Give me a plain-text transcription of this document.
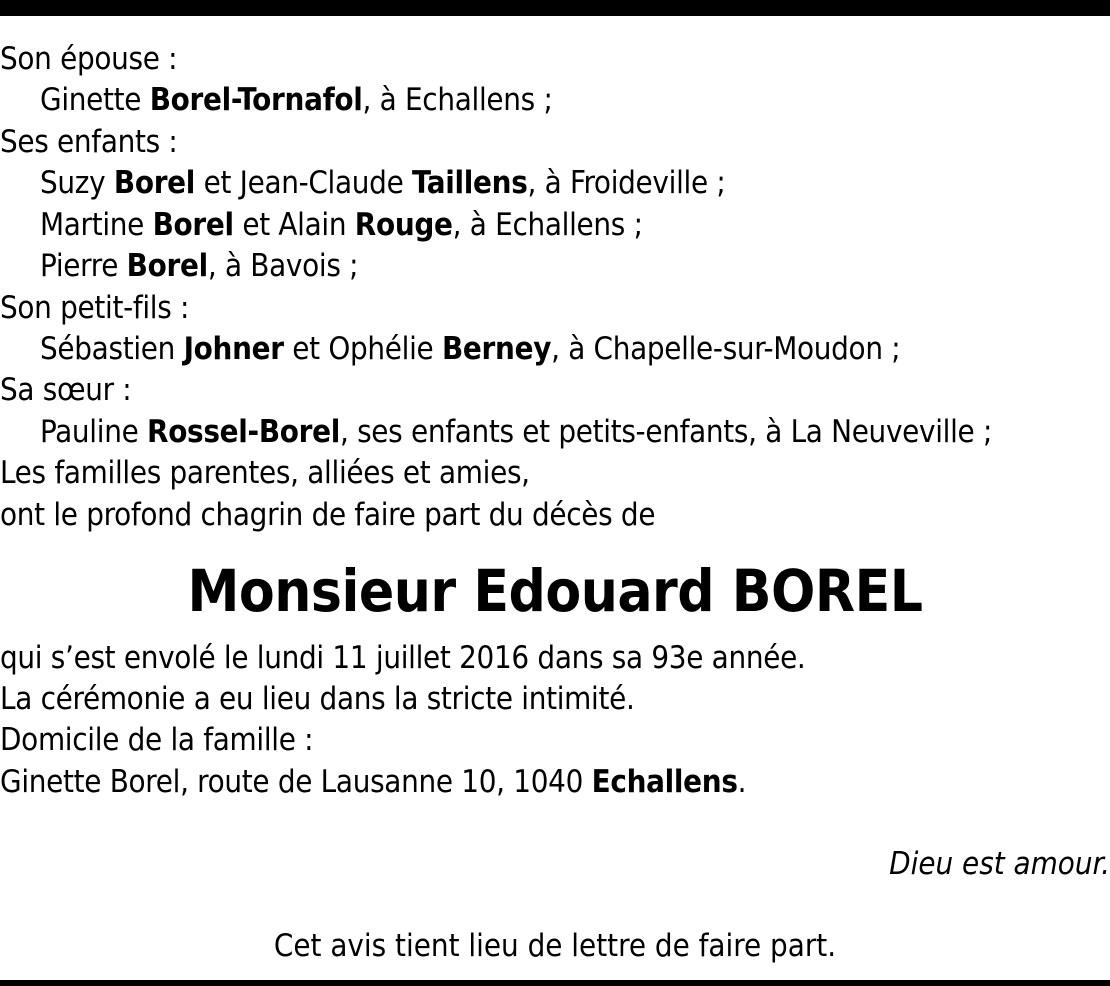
Son épouse :
Ginette Borel-Tornafol, à Echallens ;
Ses enfants :
Suzy Borel et Jean-Claude Taillens, à Froideville ;
Martine Borel et Alain Rouge, à Echallens ;
Pierre Borel, à Bavois ;
Son petit-fils :
Sébastien Johner et Ophélie Berney, à Chapelle-sur-Moudon ;
Sa sœur :
Pauline Rossel-Borel, ses enfants et petits-enfants, à La Neuveville ;
Les familles parentes, alliées et amies,
ont le profond chagrin de faire part du décès de
Monsieur Edouard BOREL
qui s’est envolé le lundi 11 juillet 2016 dans sa 93e année.
La cérémonie a eu lieu dans la stricte intimité.
Domicile de la famille :
Ginette Borel, route de Lausanne 10, 1040 Echallens.
Dieu est amour.
Cet avis tient lieu de lettre de faire part.
